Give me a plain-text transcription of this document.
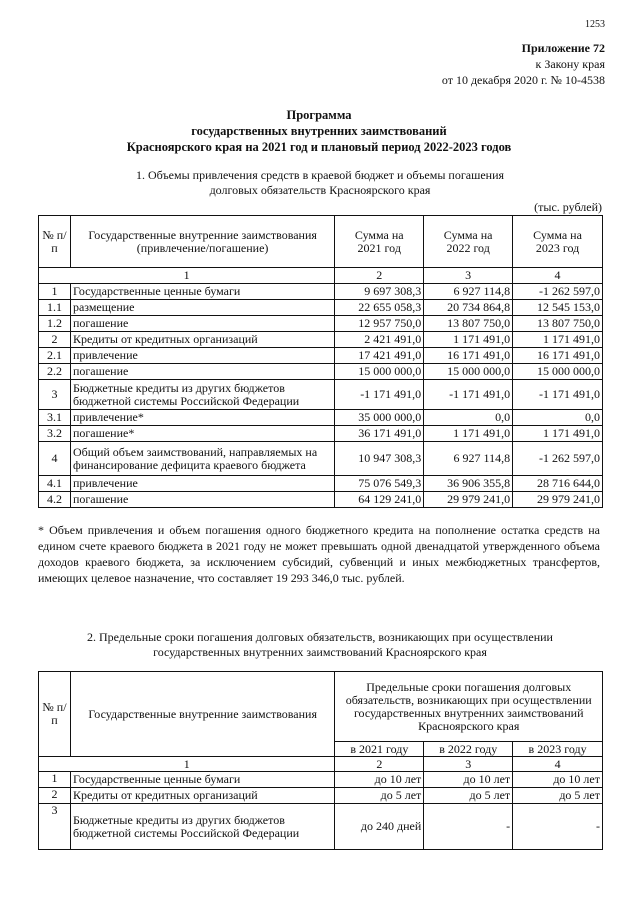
1253
Приложение 72
к Закону края
от 10 декабря 2020 г. № 10-4538
Программа
государственных внутренних заимствований
Красноярского края на 2021 год и плановый период 2022-2023 годов
1. Объемы привлечения средств в краевой бюджет и объемы погашения
долговых обязательств Красноярского края
(тыс. рублей)
№ п/п	Государственные внутренние заимствования (привлечение/погашение)	Сумма на 2021 год	Сумма на 2022 год	Сумма на 2023 год
1		2	3	4
1	Государственные ценные бумаги	9 697 308,3	6 927 114,8	-1 262 597,0
1.1	размещение	22 655 058,3	20 734 864,8	12 545 153,0
1.2	погашение	12 957 750,0	13 807 750,0	13 807 750,0
2	Кредиты от кредитных организаций	2 421 491,0	1 171 491,0	1 171 491,0
2.1	привлечение	17 421 491,0	16 171 491,0	16 171 491,0
2.2	погашение	15 000 000,0	15 000 000,0	15 000 000,0
3	Бюджетные кредиты из других бюджетов бюджетной системы Российской Федерации	-1 171 491,0	-1 171 491,0	-1 171 491,0
3.1	привлечение*	35 000 000,0	0,0	0,0
3.2	погашение*	36 171 491,0	1 171 491,0	1 171 491,0
4	Общий объем заимствований, направляемых на финансирование дефицита краевого бюджета	10 947 308,3	6 927 114,8	-1 262 597,0
4.1	привлечение	75 076 549,3	36 906 355,8	28 716 644,0
4.2	погашение	64 129 241,0	29 979 241,0	29 979 241,0
* Объем привлечения и объем погашения одного бюджетного кредита на пополнение остатка средств на едином счете краевого бюджета в 2021 году не может превышать одной двенадцатой утвержденного объема доходов краевого бюджета, за исключением субсидий, субвенций и иных межбюджетных трансфертов, имеющих целевое назначение, что составляет 19 293 346,0 тыс. рублей.
2. Предельные сроки погашения долговых обязательств, возникающих при осуществлении
государственных внутренних заимствований Красноярского края
№ п/п	Государственные внутренние заимствования	Предельные сроки погашения долговых обязательств, возникающих при осуществлении государственных внутренних заимствований Красноярского края		
		в 2021 году	в 2022 году	в 2023 году
1		2	3	4
1	Государственные ценные бумаги	до 10 лет	до 10 лет	до 10 лет
2	Кредиты от кредитных организаций	до 5 лет	до 5 лет	до 5 лет
3	Бюджетные кредиты из других бюджетов бюджетной системы Российской Федерации	до 240 дней	-	-
